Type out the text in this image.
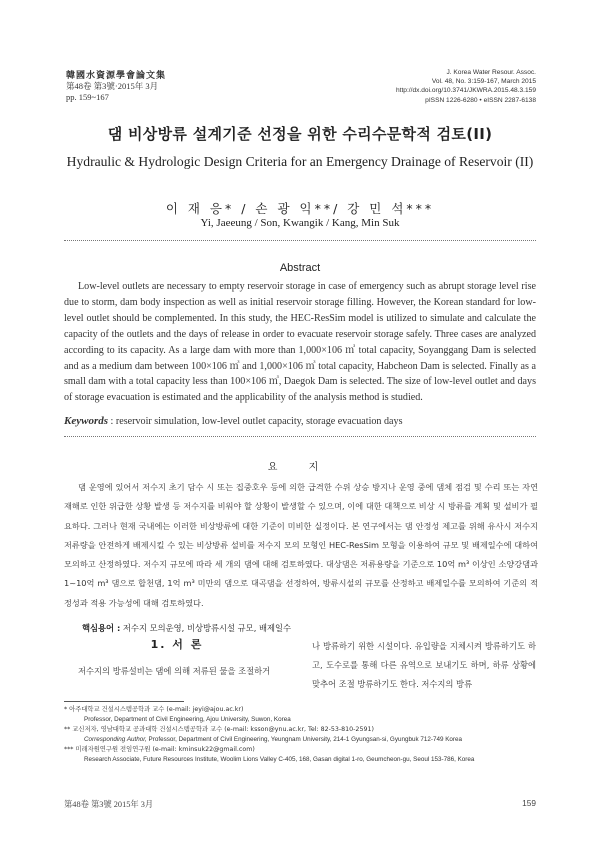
韓國水資源學會論文集
第48卷 第3號·2015年 3月
pp. 159~167
J. Korea Water Resour. Assoc.
Vol. 48, No. 3:159-167, March 2015
http://dx.doi.org/10.3741/JKWRA.2015.48.3.159
pISSN 1226-6280 • eISSN 2287-6138
댐 비상방류 설계기준 선정을 위한 수리수문학적 검토(II)
Hydraulic & Hydrologic Design Criteria for an Emergency Drainage of Reservoir (II)
이 재 응* / 손 광 익**/ 강 민 석***
Yi, Jaeeung / Son, Kwangik / Kang, Min Suk
Abstract

Low-level outlets are necessary to empty reservoir storage in case of emergency such as abrupt storage level rise due to storm, dam body inspection as well as initial reservoir storage filling. However, the Korean standard for low-level outlet should be complemented. In this study, the HEC-ResSim model is utilized to simulate and calculate the capacity of the outlets and the days of release in order to evacuate reservoir storage safely. Three cases are analyzed according to its capacity. As a large dam with more than 1,000×106 ㎥ total capacity, Soyanggang Dam is selected and as a medium dam between 100×106 ㎥ and 1,000×106 ㎥ total capacity, Habcheon Dam is selected. Finally as a small dam with a total capacity less than 100×106 ㎥, Daegok Dam is selected. The size of low-level outlet and days of storage evacuation is estimated and the applicability of the analysis method is studied.

Keywords : reservoir simulation, low-level outlet capacity, storage evacuation days
요 지

댐 운영에 있어서 저수지 초기 담수 시 또는 집중호우 등에 의한 급격한 수위 상승 방지나 운영 중에 댐체 점검 및 수리 또는 자연재해로 인한 위급한 상황 발생 등 저수지를 비워야 할 상황이 발생할 수 있으며, 이에 대한 대책으로 비상 시 방류를 계획 및 설비가 필요하다. 그러나 현재 국내에는 이러한 비상방류에 대한 기준이 미비한 실정이다. 본 연구에서는 댐 안정성 제고를 위해 유사시 저수지 저류량을 안전하게 배제시킬 수 있는 비상방류 설비를 저수지 모의 모형인 HEC-ResSim 모형을 이용하여 규모 및 배제일수에 대하여 모의하고 산정하였다. 저수지 규모에 따라 세 개의 댐에 대해 검토하였다. 대상댐은 저류용량을 기준으로 10억 m³ 이상인 소양강댐과 1~10억 m³ 댐으로 합천댐, 1억 m³ 미만의 댐으로 대곡댐을 선정하여, 방류시설의 규모를 산정하고 배제일수를 모의하여 기준의 적정성과 적용 가능성에 대해 검토하였다.

핵심용어 : 저수지 모의운영, 비상방류시설 규모, 배제일수
1. 서 론
저수지의 방류설비는 댐에 의해 저류된 물을 조절하거
나 방류하기 위한 시설이다. 유입량을 지체시켜 방류하기도 하고, 도수로를 통해 다른 유역으로 보내기도 하며, 하류 상황에 맞추어 조절 방류하기도 한다. 저수지의 방류
* 아주대학교 건설시스템공학과 교수 (e-mail: jeyi@ajou.ac.kr)
Professor, Department of Civil Engineering, Ajou University, Suwon, Korea
** 교신저자, 영남대학교 공과대학 건설시스템공학과 교수 (e-mail: ksson@ynu.ac.kr, Tel: 82-53-810-2591)
Corresponding Author, Professor, Department of Civil Engineering, Yeungnam University, 214-1 Gyungsan-si, Gyungbuk 712-749 Korea
*** 미래자원연구원 전임연구원 (e-mail: kminsuk22@gmail.com)
Research Associate, Future Resources Institute, Woolim Lions Valley C-405, 168, Gasan digital 1-ro, Geumcheon-gu, Seoul 153-786, Korea
第48卷 第3號 2015年 3月	159
